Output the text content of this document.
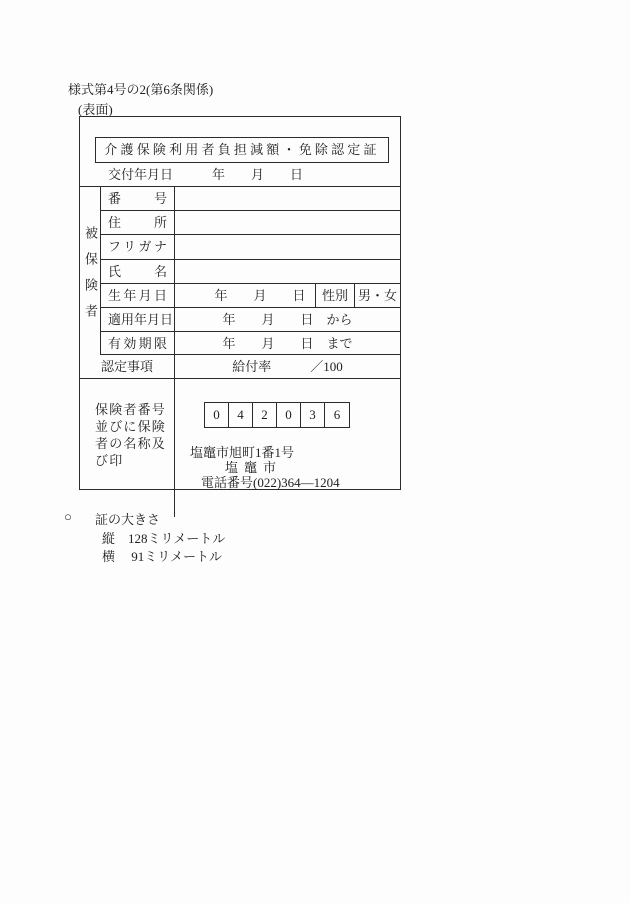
様式第4号の2(第6条関係)
(表面)
介護保険利用者負担減額・免除認定証
交付年月日　　　年　　月　　日
被保険者
番号
住所
フリガナ
氏名
生年月日	年　　月　　日	性別 男・女
適用年月日	年　　月　　日　から
有効期限	年　　月　　日　まで
認定事項	給付率　　　／100
保険者番号
並びに保険
者の名称及
び印

0	4	2	0	3	6

塩竈市旭町1番1号

塩竈市

電話番号(022)364—1204

○ 証の大きさ
縦　128ミリメートル
横　 91ミリメートル
